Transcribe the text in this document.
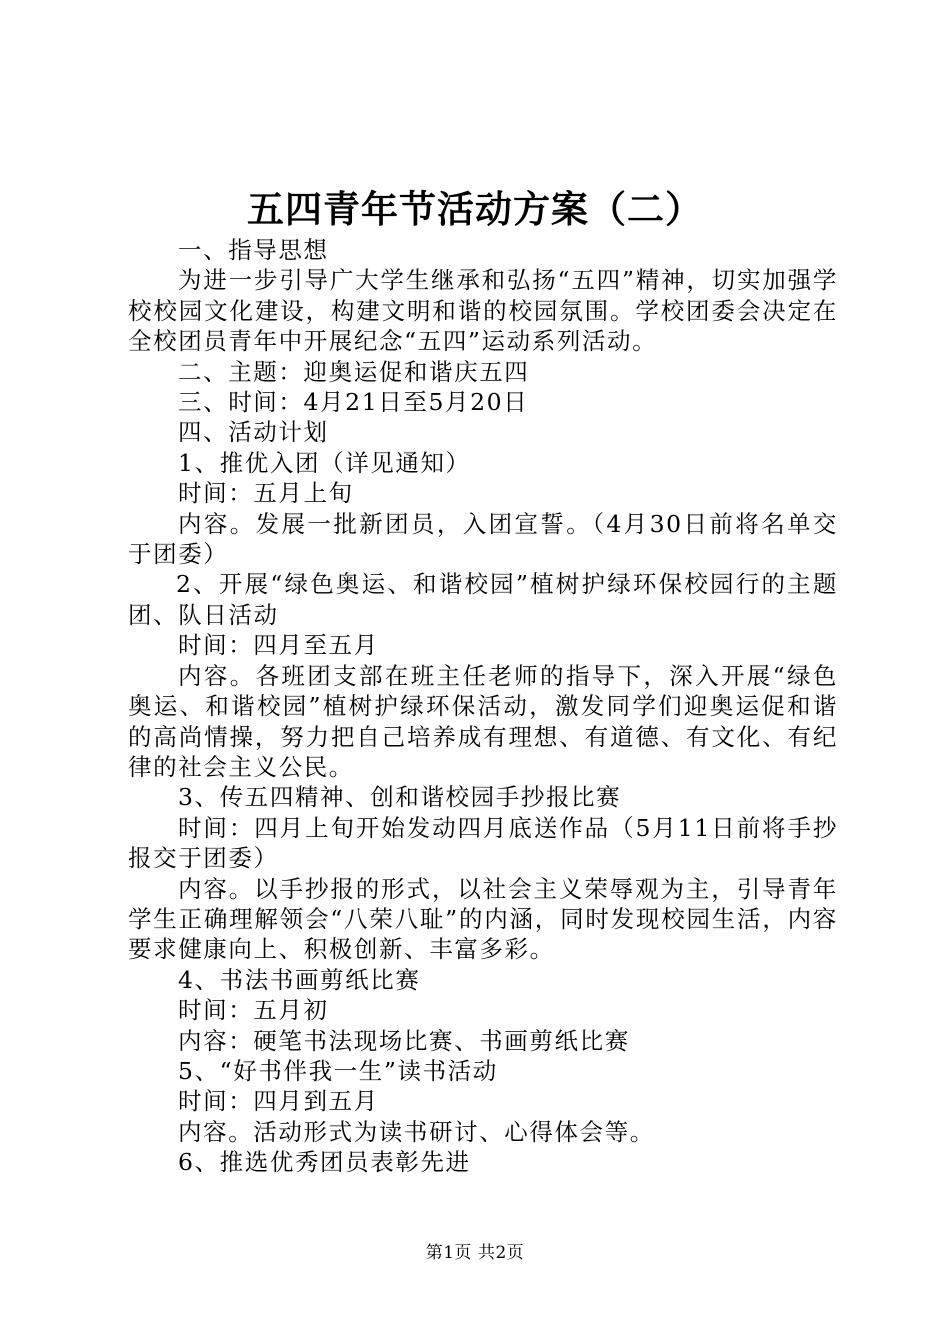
五四青年节活动方案（二）

一、指导思想

为进一步引导广大学生继承和弘扬“五四”精神，切实加强学校校园文化建设，构建文明和谐的校园氛围。学校团委会决定在全校团员青年中开展纪念“五四”运动系列活动。

二、主题：迎奥运促和谐庆五四

三、时间：4月21日至5月20日

四、活动计划

1、推优入团（详见通知）

时间：五月上旬

内容。发展一批新团员，入团宣誓。（4月30日前将名单交于团委）

2、开展“绿色奥运、和谐校园”植树护绿环保校园行的主题团、队日活动

时间：四月至五月

内容。各班团支部在班主任老师的指导下，深入开展“绿色奥运、和谐校园”植树护绿环保活动，激发同学们迎奥运促和谐的高尚情操，努力把自己培养成有理想、有道德、有文化、有纪律的社会主义公民。

3、传五四精神、创和谐校园手抄报比赛

时间：四月上旬开始发动四月底送作品（5月11日前将手抄报交于团委）

内容。以手抄报的形式，以社会主义荣辱观为主，引导青年学生正确理解领会“八荣八耻”的内涵，同时发现校园生活，内容要求健康向上、积极创新、丰富多彩。

4、书法书画剪纸比赛

时间：五月初

内容：硬笔书法现场比赛、书画剪纸比赛

5、“好书伴我一生”读书活动

时间：四月到五月

内容。活动形式为读书研讨、心得体会等。

6、推选优秀团员表彰先进

第1页 共2页
